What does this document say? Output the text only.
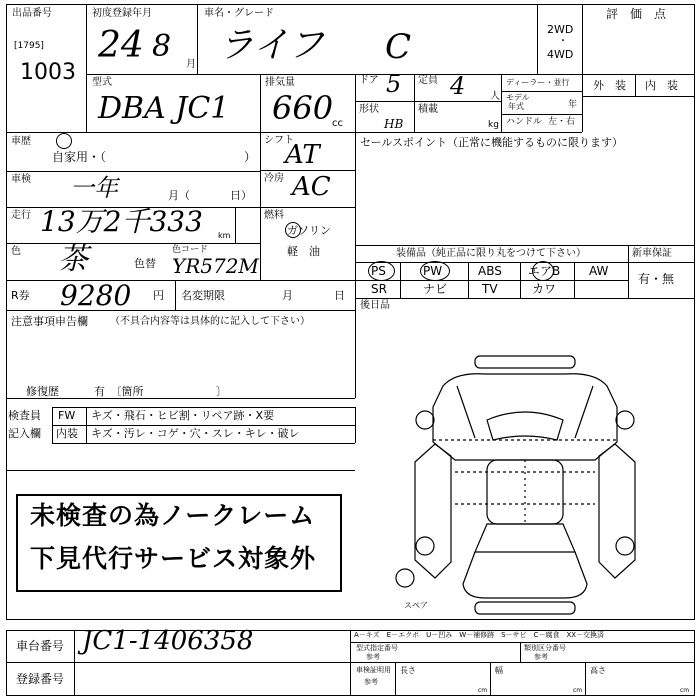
出品番号
[1795]
1003
初度登録年月
24 8
月
車名・グレード
ライフ C	2WD
・
4WD
評　価　点
型式
DBA JC1
排気量
660
cc
ドア 5 定員 4 人
形状
HB
積載
kg
ディーラー・並行
モデル
年式	年
ハンドル 左・右
外　装 内　装
車歴
自家用・（	）
車検 一年	月（	日）
シフト
AT
冷房 AC
走行 13万2千333 km
燃料
ガソリン
軽　油
色 茶	色替
色コード
YR572M
R券 9280 円 名変期限	月	日
注意事項申告欄 （不具合内容等は具体的に記入して下さい）
修復歴	有　〔箇所	〕
検査員
記入欄
FW キズ・飛石・ヒビ割・リペア跡・X要
内装 キズ・汚レ・コゲ・穴・スレ・キレ・破レ
未検査の為ノークレーム
下見代行サービス対象外
セールスポイント（正常に機能するものに限ります）
装備品（純正品に限り丸をつけて下さい）	新車保証
有・無
PS	PW	ABS エアB AW
SR	ナビ	TV	カワ
後日品
スペア
車台番号 JC1-1406358
登録番号
A－キズ　E－エクボ　U－凹み　W－補修跡　S－サビ　C－腐食　XX－交換済
型式指定番号
参考
類別区分番号
参考
車検証明用
参考
長さ
cm
幅
cm
高さ
cm
